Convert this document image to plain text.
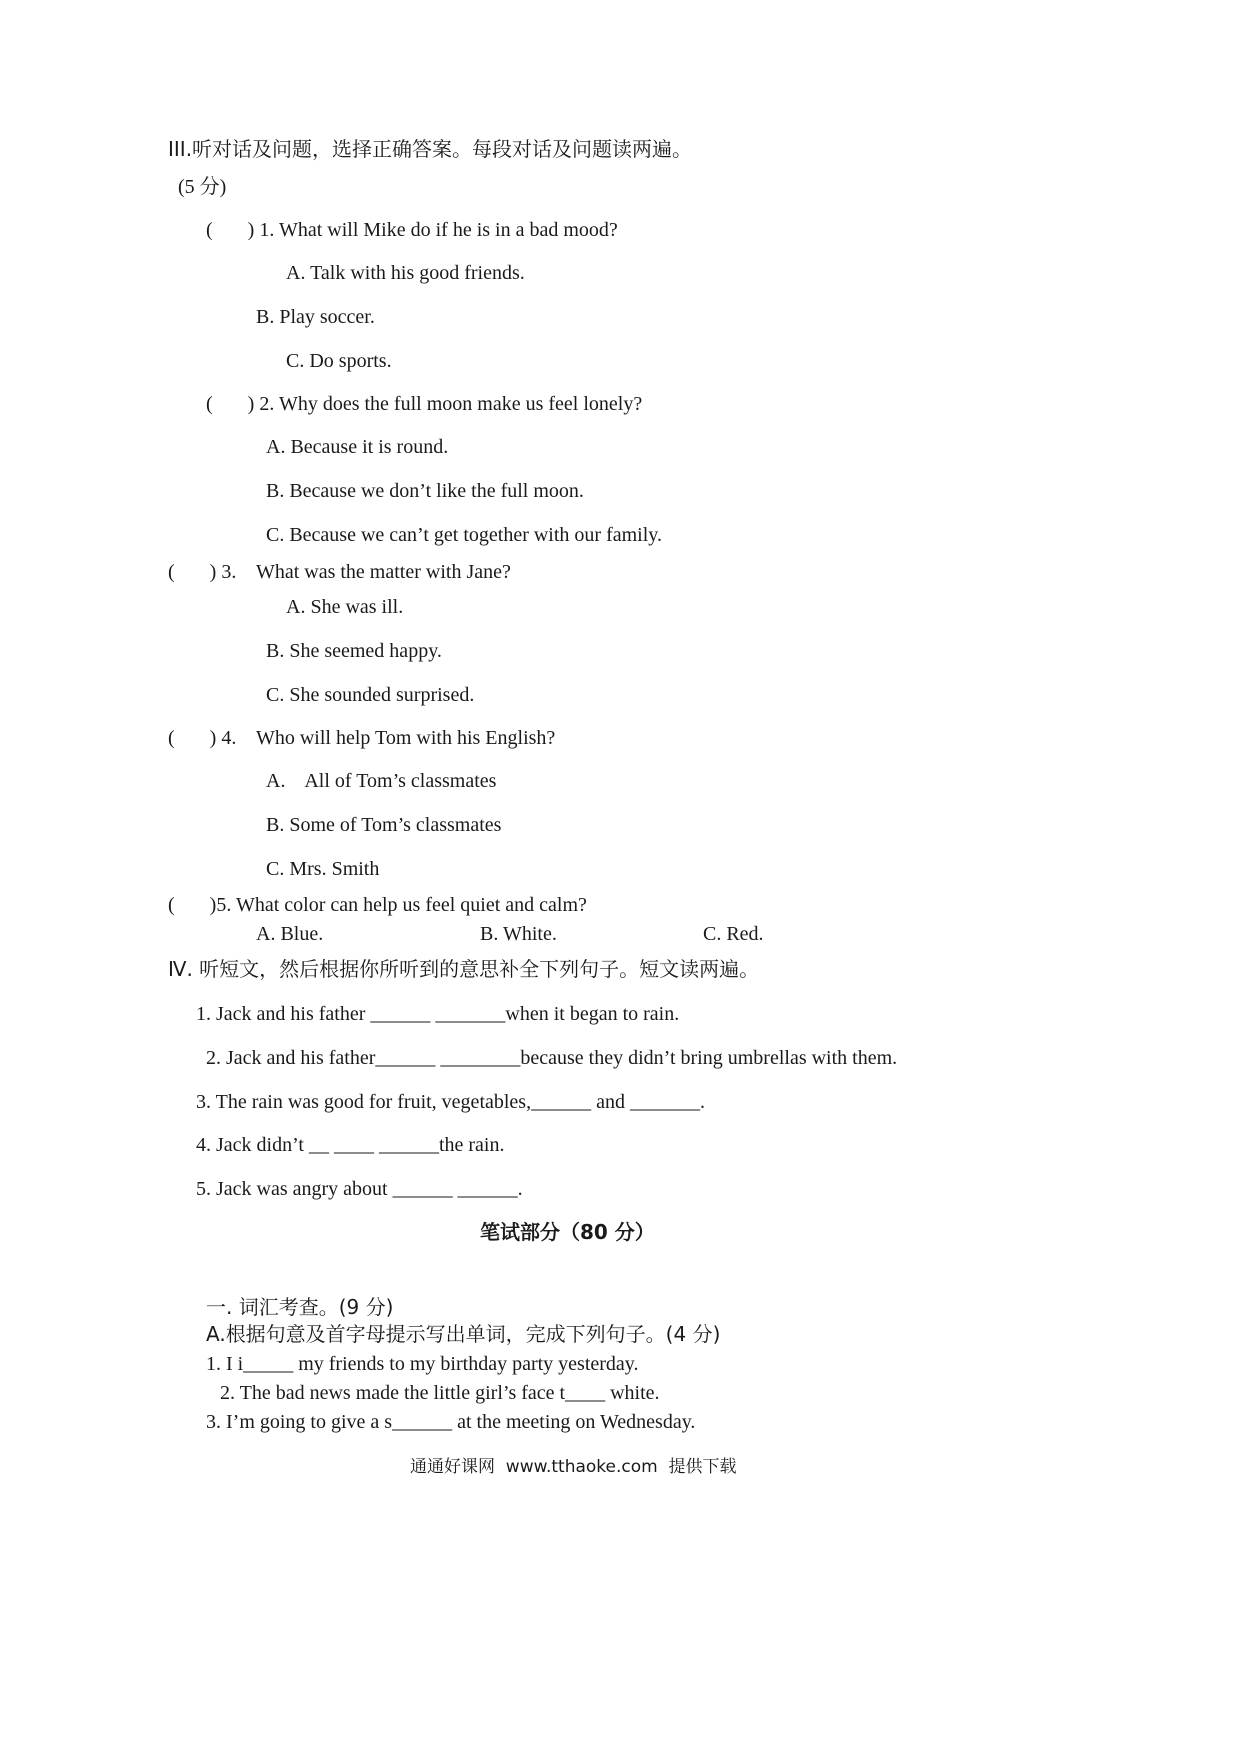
III.听对话及问题，选择正确答案。每段对话及问题读两遍。
(5 分)
(       ) 1. What will Mike do if he is in a bad mood?
A. Talk with his good friends.
B. Play soccer.
C. Do sports.
(       ) 2. Why does the full moon make us feel lonely?
A. Because it is round.
B. Because we don’t like the full moon.
C. Because we can’t get together with our family.
(       ) 3.    What was the matter with Jane?
A. She was ill.
B. She seemed happy.
C. She sounded surprised.
(       ) 4.    Who will help Tom with his English?
A.    All of Tom’s classmates
B. Some of Tom’s classmates
C. Mrs. Smith
(       )5. What color can help us feel quiet and calm?
A. Blue.	B. White.	C. Red.
Ⅳ. 听短文，然后根据你所听到的意思补全下列句子。短文读两遍。
1. Jack and his father ______ _______when it began to rain.
2. Jack and his father______ ________because they didn’t bring umbrellas with them.
3. The rain was good for fruit, vegetables,______ and _______.
4. Jack didn’t __ ____ ______the rain.
5. Jack was angry about ______ ______.
笔试部分（80 分）
一. 词汇考查。(9 分)
A.根据句意及首字母提示写出单词，完成下列句子。(4 分)
1. I i_____ my friends to my birthday party yesterday.
2. The bad news made the little girl’s face t____ white.
3. I’m going to give a s______ at the meeting on Wednesday.
通通好课网  www.tthaoke.com  提供下载
